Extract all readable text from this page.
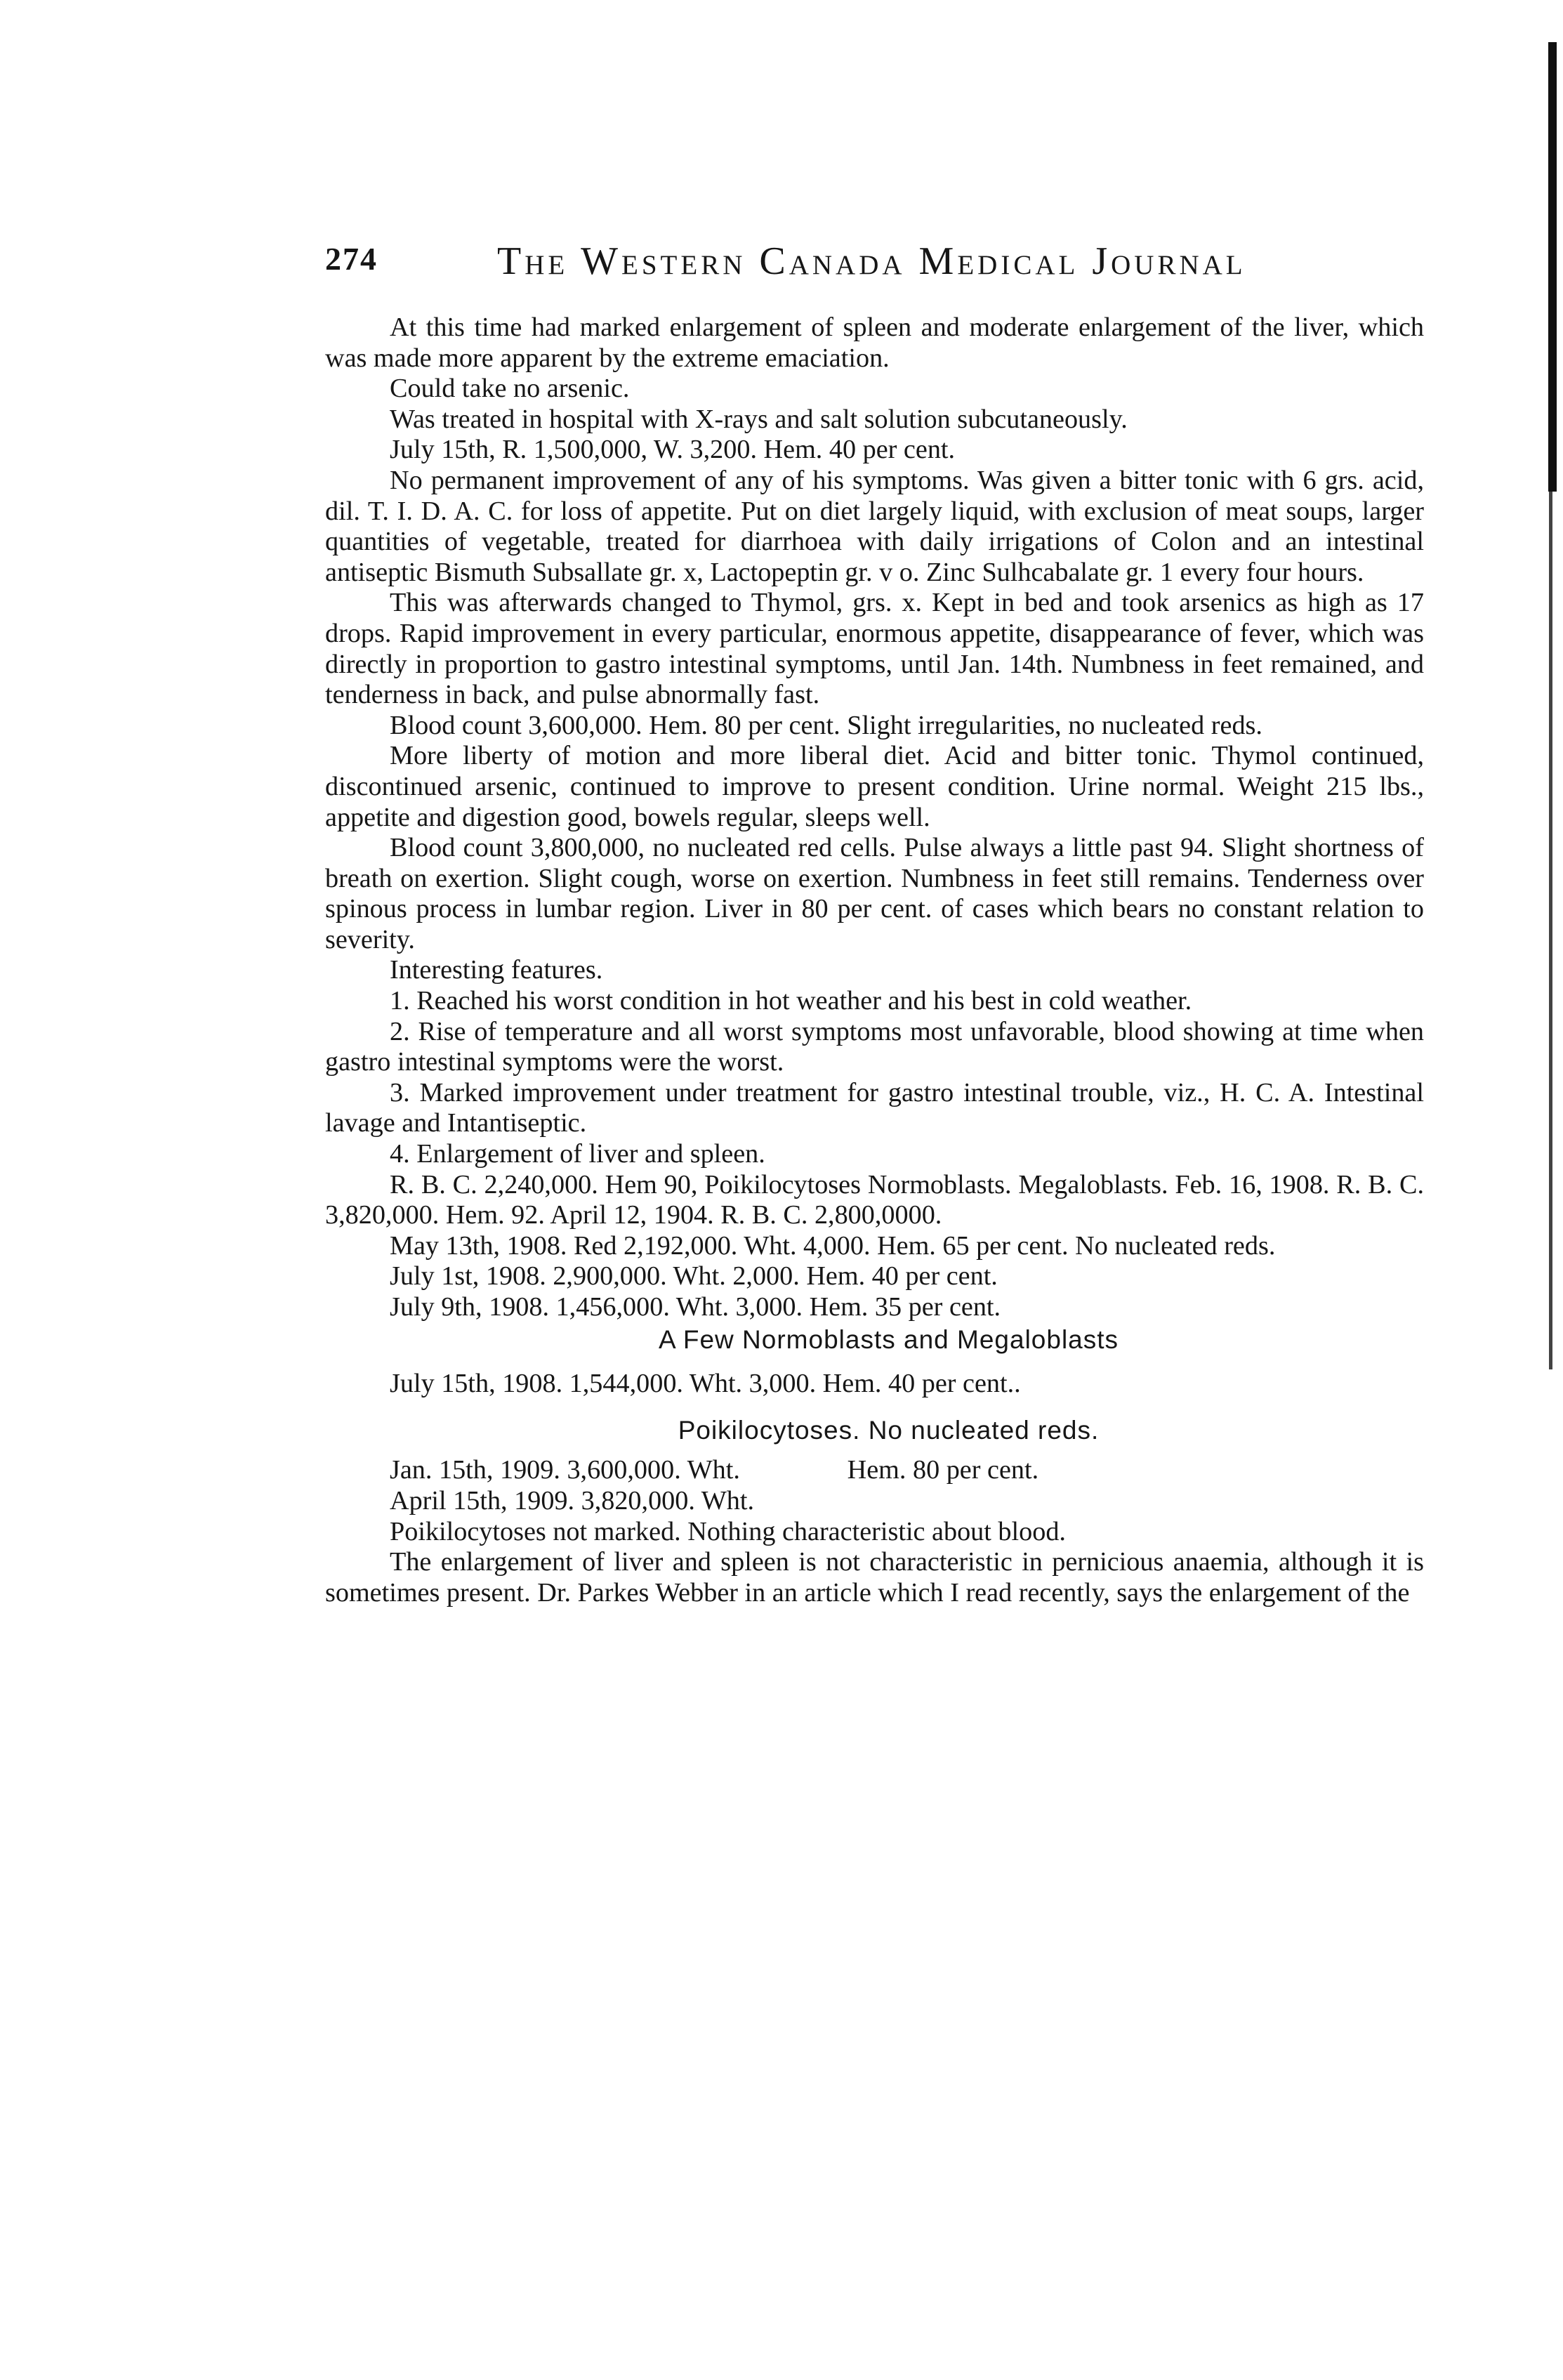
274	The Western Canada Medical Journal

At this time had marked enlargement of spleen and moderate enlargement of the liver, which was made more apparent by the extreme emaciation.

Could take no arsenic.

Was treated in hospital with X-rays and salt solution subcutaneously.

July 15th, R. 1,500,000, W. 3,200. Hem. 40 per cent.

No permanent improvement of any of his symptoms. Was given a bitter tonic with 6 grs. acid, dil. T. I. D. A. C. for loss of appetite. Put on diet largely liquid, with exclusion of meat soups, larger quantities of vegetable, treated for diarrhoea with daily irrigations of Colon and an intestinal antiseptic Bismuth Subsallate gr. x, Lactopeptin gr. v o. Zinc Sulhcabalate gr. 1 every four hours.

This was afterwards changed to Thymol, grs. x. Kept in bed and took arsenics as high as 17 drops. Rapid improvement in every particular, enormous appetite, disappearance of fever, which was directly in proportion to gastro intestinal symptoms, until Jan. 14th. Numbness in feet remained, and tenderness in back, and pulse abnormally fast.

Blood count 3,600,000. Hem. 80 per cent. Slight irregularities, no nucleated reds.

More liberty of motion and more liberal diet. Acid and bitter tonic. Thymol continued, discontinued arsenic, continued to improve to present condition. Urine normal. Weight 215 lbs., appetite and digestion good, bowels regular, sleeps well.

Blood count 3,800,000, no nucleated red cells. Pulse always a little past 94. Slight shortness of breath on exertion. Slight cough, worse on exertion. Numbness in feet still remains. Tenderness over spinous process in lumbar region. Liver in 80 per cent. of cases which bears no constant relation to severity.

Interesting features.

1. Reached his worst condition in hot weather and his best in cold weather.
2. Rise of temperature and all worst symptoms most unfavorable, blood showing at time when gastro intestinal symptoms were the worst.
3. Marked improvement under treatment for gastro intestinal trouble, viz., H. C. A. Intestinal lavage and Intantiseptic.
4. Enlargement of liver and spleen.

R. B. C. 2,240,000. Hem 90, Poikilocytoses Normoblasts. Megaloblasts. Feb. 16, 1908. R. B. C. 3,820,000. Hem. 92. April 12, 1904. R. B. C. 2,800,0000.

May 13th, 1908. Red 2,192,000. Wht. 4,000. Hem. 65 per cent. No nucleated reds.

July 1st, 1908. 2,900,000. Wht. 2,000. Hem. 40 per cent.
July 9th, 1908. 1,456,000. Wht. 3,000. Hem. 35 per cent.

A Few Normoblasts and Megaloblasts

July 15th, 1908. 1,544,000. Wht. 3,000. Hem. 40 per cent..

Poikilocytoses. No nucleated reds.

Jan. 15th, 1909. 3,600,000. Wht.    Hem. 80 per cent.
April 15th, 1909. 3,820,000. Wht.

Poikilocytoses not marked. Nothing characteristic about blood.

The enlargement of liver and spleen is not characteristic in pernicious anaemia, although it is sometimes present. Dr. Parkes Webber in an article which I read recently, says the enlargement of the
